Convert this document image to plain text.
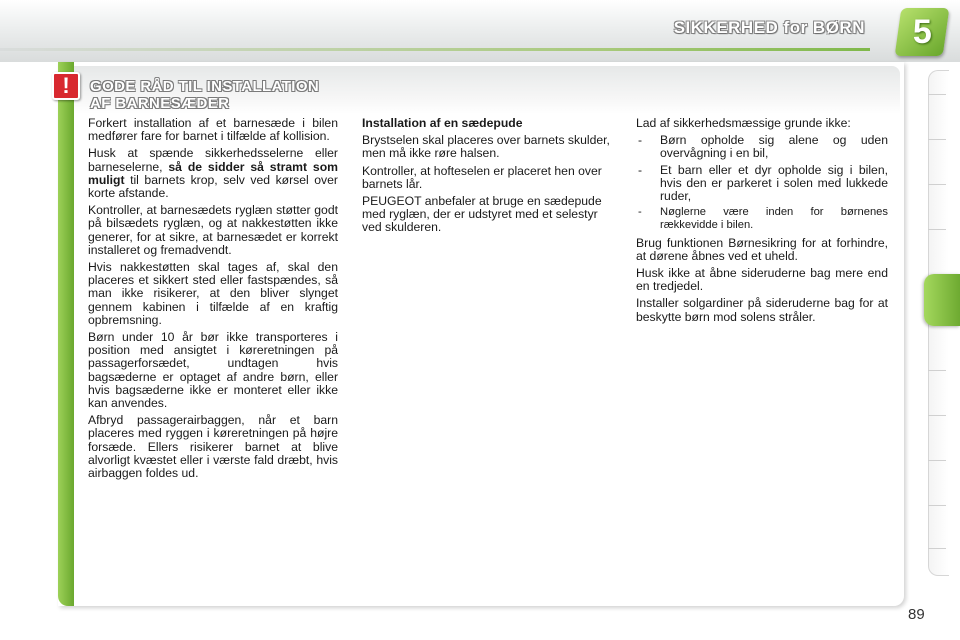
SIKKERHED for BØRN 5
!	GODE RÅD TIL INSTALLATION
AF BARNESÆDER

Forkert installation af et barnesæde i bilen medfører fare for barnet i tilfælde af kollision.

Husk at spænde sikkerhedsselerne eller barneselerne, så de sidder så stramt som muligt til barnets krop, selv ved kørsel over korte afstande.

Kontroller, at barnesædets ryglæn støtter godt på bilsædets ryglæn, og at nakkestøtten ikke generer, for at sikre, at barnesædet er korrekt installeret og fremadvendt.

Hvis nakkestøtten skal tages af, skal den placeres et sikkert sted eller fastspændes, så man ikke risikerer, at den bliver slynget gennem kabinen i tilfælde af en kraftig opbremsning.

Børn under 10 år bør ikke transporteres i position med ansigtet i køreretningen på passagerforsædet, undtagen hvis bagsæderne er optaget af andre børn, eller hvis bagsæderne ikke er monteret eller ikke kan anvendes.

Afbryd passagerairbaggen, når et barn placeres med ryggen i køreretningen på højre forsæde. Ellers risikerer barnet at blive alvorligt kvæstet eller i værste fald dræbt, hvis airbaggen foldes ud.

Installation af en sædepude

Brystselen skal placeres over barnets skulder, men må ikke røre halsen.

Kontroller, at hofteselen er placeret hen over barnets lår.

PEUGEOT anbefaler at bruge en sædepude med ryglæn, der er udstyret med et selestyr ved skulderen.

Lad af sikkerhedsmæssige grunde ikke:

- Børn opholde sig alene og uden overvågning i en bil,
- Et barn eller et dyr opholde sig i bilen, hvis den er parkeret i solen med lukkede ruder,
- Nøglerne være inden for børnenes rækkevidde i bilen.

Brug funktionen Børnesikring for at forhindre, at dørene åbnes ved et uheld.

Husk ikke at åbne sideruderne bag mere end en tredjedel.

Installer solgardiner på sideruderne bag for at beskytte børn mod solens stråler.

89
